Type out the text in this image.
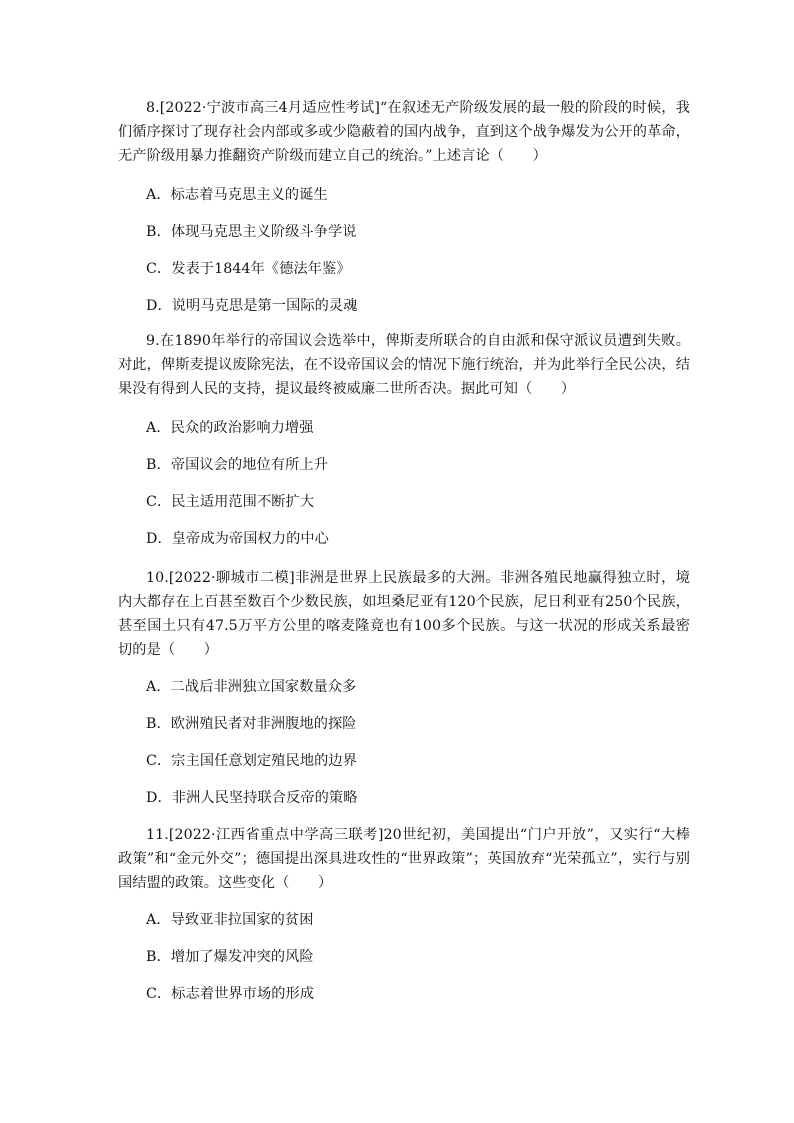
8.[2022·宁波市高三4月适应性考试]“在叙述无产阶级发展的最一般的阶段的时候，我们循序探讨了现存社会内部或多或少隐蔽着的国内战争，直到这个战争爆发为公开的革命，无产阶级用暴力推翻资产阶级而建立自己的统治。”上述言论（　　）

A．标志着马克思主义的诞生

B．体现马克思主义阶级斗争学说

C．发表于1844年《德法年鉴》

D．说明马克思是第一国际的灵魂

9.在1890年举行的帝国议会选举中，俾斯麦所联合的自由派和保守派议员遭到失败。对此，俾斯麦提议废除宪法，在不设帝国议会的情况下施行统治，并为此举行全民公决，结果没有得到人民的支持，提议最终被威廉二世所否决。据此可知（　　）

A．民众的政治影响力增强

B．帝国议会的地位有所上升

C．民主适用范围不断扩大

D．皇帝成为帝国权力的中心

10.[2022·聊城市二模]非洲是世界上民族最多的大洲。非洲各殖民地赢得独立时，境内大都存在上百甚至数百个少数民族，如坦桑尼亚有120个民族，尼日利亚有250个民族，甚至国土只有47.5万平方公里的喀麦隆竟也有100多个民族。与这一状况的形成关系最密切的是（　　）

A．二战后非洲独立国家数量众多

B．欧洲殖民者对非洲腹地的探险

C．宗主国任意划定殖民地的边界

D．非洲人民坚持联合反帝的策略

11.[2022·江西省重点中学高三联考]20世纪初，美国提出“门户开放”，又实行“大棒政策”和“金元外交”；德国提出深具进攻性的“世界政策”；英国放弃“光荣孤立”，实行与别国结盟的政策。这些变化（　　）

A．导致亚非拉国家的贫困

B．增加了爆发冲突的风险

C．标志着世界市场的形成
